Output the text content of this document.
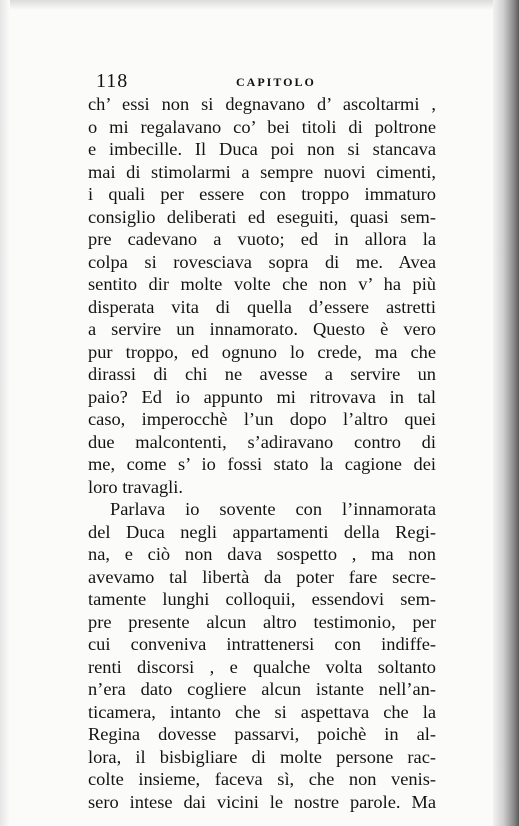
118	CAPITOLO
ch’ essi non si degnavano d’ ascoltarmi ,
o mi regalavano co’ bei titoli di poltrone
e imbecille. Il Duca poi non si stancava
mai di stimolarmi a sempre nuovi cimenti,
i quali per essere con troppo immaturo
consiglio deliberati ed eseguiti, quasi sem-
pre cadevano a vuoto; ed in allora la
colpa si rovesciava sopra di me. Avea
sentito dir molte volte che non v’ ha più
disperata vita di quella d’essere astretti
a servire un innamorato. Questo è vero
pur troppo, ed ognuno lo crede, ma che
dirassi di chi ne avesse a servire un
paio? Ed io appunto mi ritrovava in tal
caso, imperocchè l’un dopo l’altro quei
due malcontenti, s’adiravano contro di
me, come s’ io fossi stato la cagione dei
loro travagli.
Parlava io sovente con l’innamorata
del Duca negli appartamenti della Regi-
na, e ciò non dava sospetto , ma non
avevamo tal libertà da poter fare secre-
tamente lunghi colloquii, essendovi sem-
pre presente alcun altro testimonio, per
cui conveniva intrattenersi con indiffe-
renti discorsi , e qualche volta soltanto
n’era dato cogliere alcun istante nell’an-
ticamera, intanto che si aspettava che la
Regina dovesse passarvi, poichè in al-
lora, il bisbigliare di molte persone rac-
colte insieme, faceva sì, che non venis-
sero intese dai vicini le nostre parole. Ma
